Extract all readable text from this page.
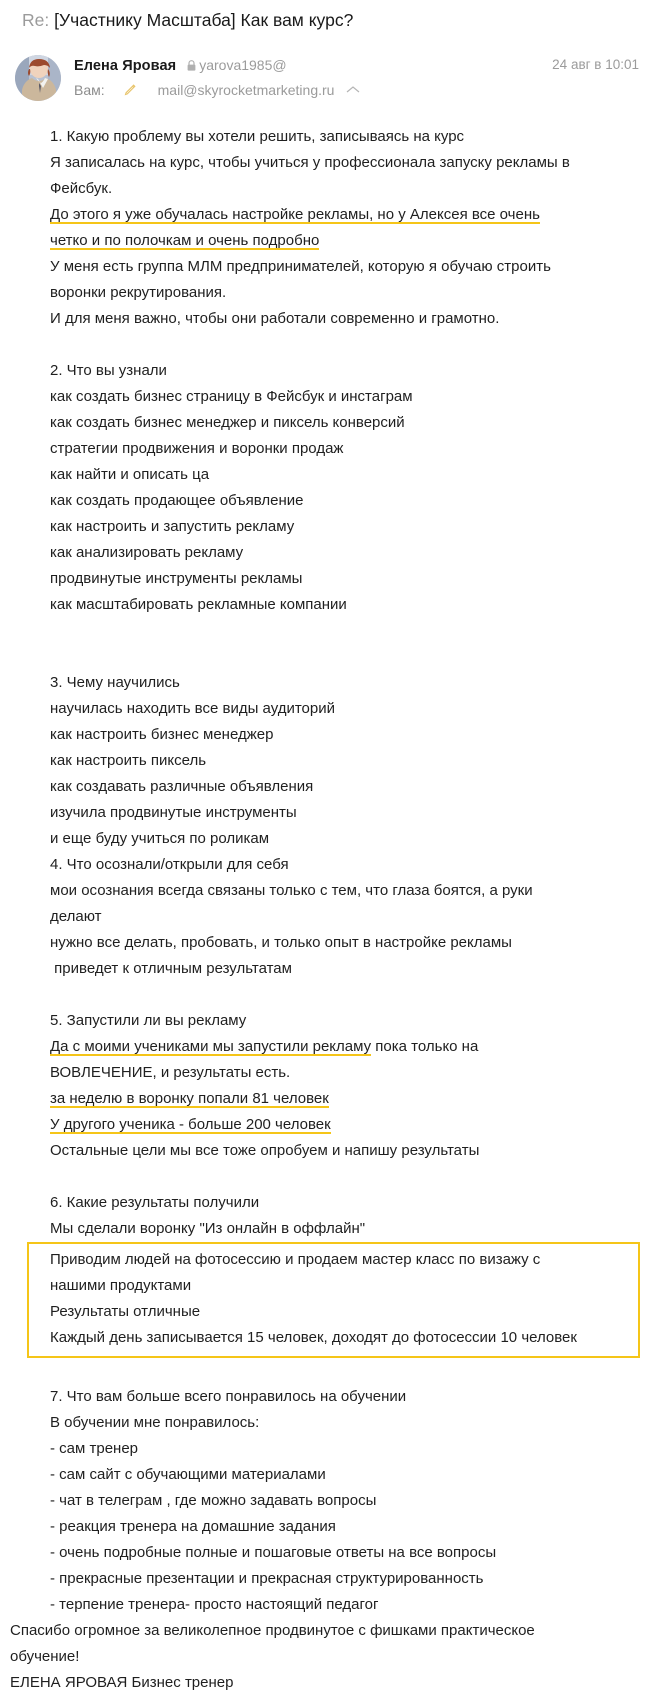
Re: [Участнику Масштаба] Как вам курс?
Елена Яровая yarova1985@
Вам:	mail@skyrocketmarketing.ru
24 авг в 10:01
1. Какую проблему вы хотели решить, записываясь на курс
Я записалась на курс, чтобы учиться у профессионала запуску рекламы в
Фейсбук.
До этого я уже обучалась настройке рекламы, но у Алексея все очень
четко и по полочкам и очень подробно
У меня есть группа МЛМ предпринимателей, которую я обучаю строить
воронки рекрутирования.
И для меня важно, чтобы они работали современно и грамотно.

2. Что вы узнали
как создать бизнес страницу в Фейсбук и инстаграм
как создать бизнес менеджер и пиксель конверсий
стратегии продвижения и воронки продаж
как найти и описать ца
как создать продающее объявление
как настроить и запустить рекламу
как анализировать рекламу
продвинутые инструменты рекламы
как масштабировать рекламные компании

3. Чему научились
научилась находить все виды аудиторий
как настроить бизнес менеджер
как настроить пиксель
как создавать различные объявления
изучила продвинутые инструменты
и еще буду учиться по роликам
4. Что осознали/открыли для себя
мои осознания всегда связаны только с тем, что глаза боятся, а руки
делают
нужно все делать, пробовать, и только опыт в настройке рекламы
приведет к отличным результатам

5. Запустили ли вы рекламу
Да с моими учениками мы запустили рекламу пока только на
ВОВЛЕЧЕНИЕ, и результаты есть.
за неделю в воронку попали 81 человек
У другого ученика - больше 200 человек
Остальные цели мы все тоже опробуем и напишу результаты

6. Какие результаты получили
Мы сделали воронку "Из онлайн в оффлайн"
Приводим людей на фотосессию и продаем мастер класс по визажу с
нашими продуктами
Результаты отличные
Каждый день записывается 15 человек, доходят до фотосессии 10 человек

7. Что вам больше всего понравилось на обучении
В обучении мне понравилось:
- сам тренер
- сам сайт с обучающими материалами
- чат в телеграм , где можно задавать вопросы
- реакция тренера на домашние задания
- очень подробные полные и пошаговые ответы на все вопросы
- прекрасные презентации и прекрасная структурированность
- терпение тренера- просто настоящий педагог
Спасибо огромное за великолепное продвинутое с фишками практическое
обучение!
ЕЛЕНА ЯРОВАЯ Бизнес тренер
